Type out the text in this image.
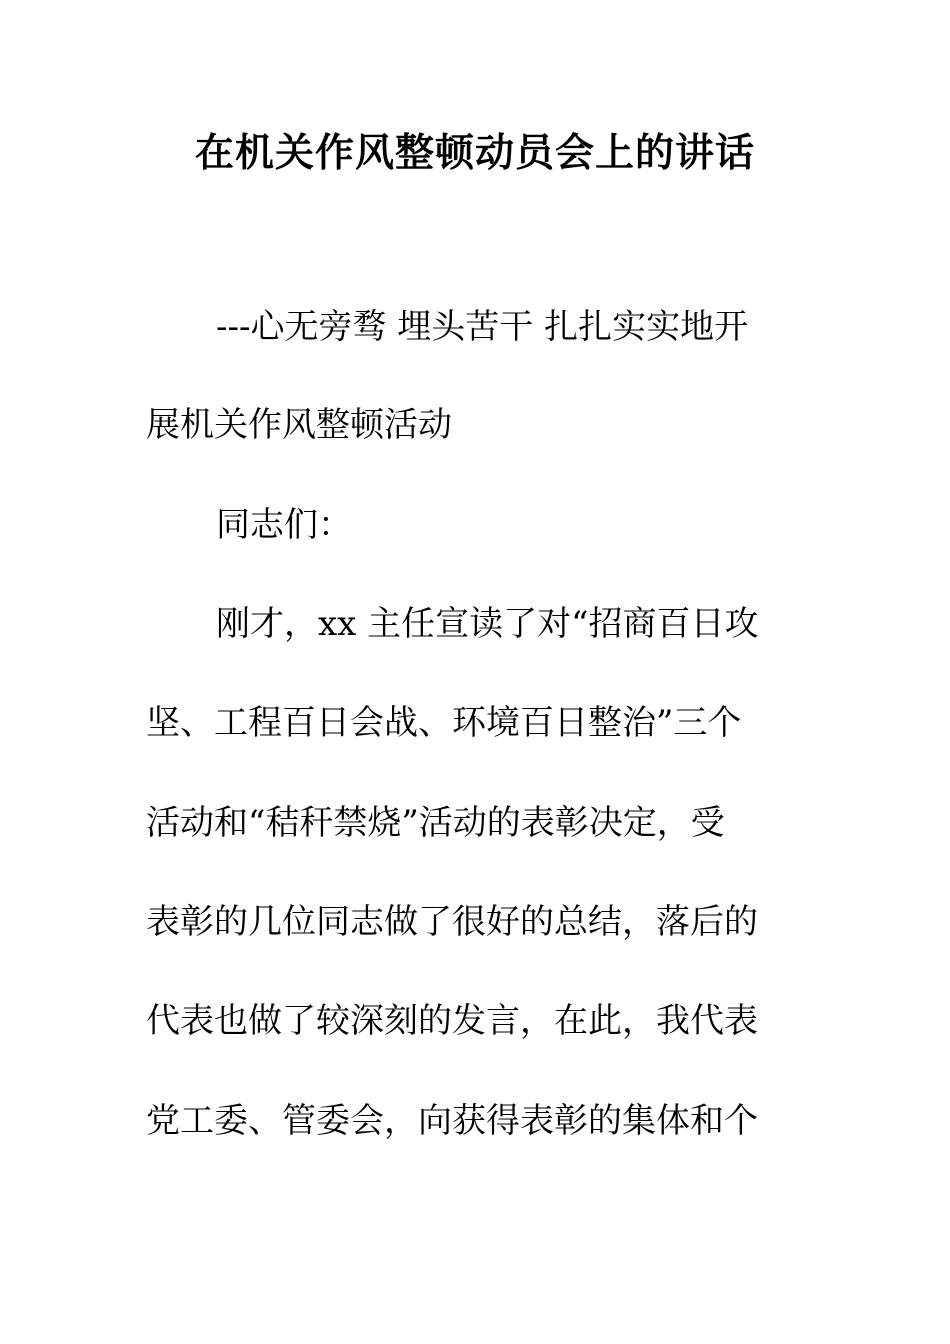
在机关作风整顿动员会上的讲话
---心无旁骛 埋头苦干 扎扎实实地开
展机关作风整顿活动
同志们：
刚才，xx 主任宣读了对“招商百日攻
坚、工程百日会战、环境百日整治”三个
活动和“秸秆禁烧”活动的表彰决定，受
表彰的几位同志做了很好的总结，落后的
代表也做了较深刻的发言，在此，我代表
党工委、管委会，向获得表彰的集体和个
